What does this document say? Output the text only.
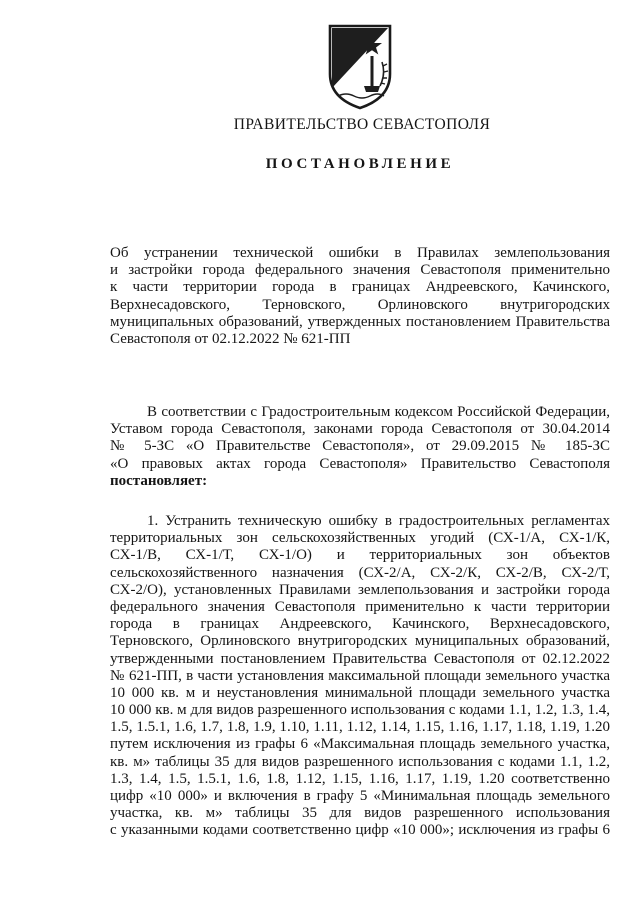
ПРАВИТЕЛЬСТВО СЕВАСТОПОЛЯ
ПОСТАНОВЛЕНИЕ
Об устранении технической ошибки в Правилах землепользования
и застройки города федерального значения Севастополя применительно
к части территории города в границах Андреевского, Качинского,
Верхнесадовского, Терновского, Орлиновского внутригородских
муниципальных образований, утвержденных постановлением Правительства
Севастополя от 02.12.2022 № 621-ПП
В соответствии с Градостроительным кодексом Российской Федерации,
Уставом города Севастополя, законами города Севастополя от 30.04.2014
№ 5-ЗС «О Правительстве Севастополя», от 29.09.2015 № 185-ЗС
«О правовых актах города Севастополя» Правительство Севастополя
постановляет:
1. Устранить техническую ошибку в градостроительных регламентах
территориальных зон сельскохозяйственных угодий (СХ-1/А, СХ-1/К,
СХ-1/В, СХ-1/Т, СХ-1/О) и территориальных зон объектов
сельскохозяйственного назначения (СХ-2/А, СХ-2/К, СХ-2/В, СХ-2/Т,
СХ-2/О), установленных Правилами землепользования и застройки города
федерального значения Севастополя применительно к части территории
города в границах Андреевского, Качинского, Верхнесадовского,
Терновского, Орлиновского внутригородских муниципальных образований,
утвержденными постановлением Правительства Севастополя от 02.12.2022
№ 621-ПП, в части установления максимальной площади земельного участка
10 000 кв. м и неустановления минимальной площади земельного участка
10 000 кв. м для видов разрешенного использования с кодами 1.1, 1.2, 1.3, 1.4,
1.5, 1.5.1, 1.6, 1.7, 1.8, 1.9, 1.10, 1.11, 1.12, 1.14, 1.15, 1.16, 1.17, 1.18, 1.19, 1.20
путем исключения из графы 6 «Максимальная площадь земельного участка,
кв. м» таблицы 35 для видов разрешенного использования с кодами 1.1, 1.2,
1.3, 1.4, 1.5, 1.5.1, 1.6, 1.8, 1.12, 1.15, 1.16, 1.17, 1.19, 1.20 соответственно
цифр «10 000» и включения в графу 5 «Минимальная площадь земельного
участка, кв. м» таблицы 35 для видов разрешенного использования
с указанными кодами соответственно цифр «10 000»; исключения из графы 6
